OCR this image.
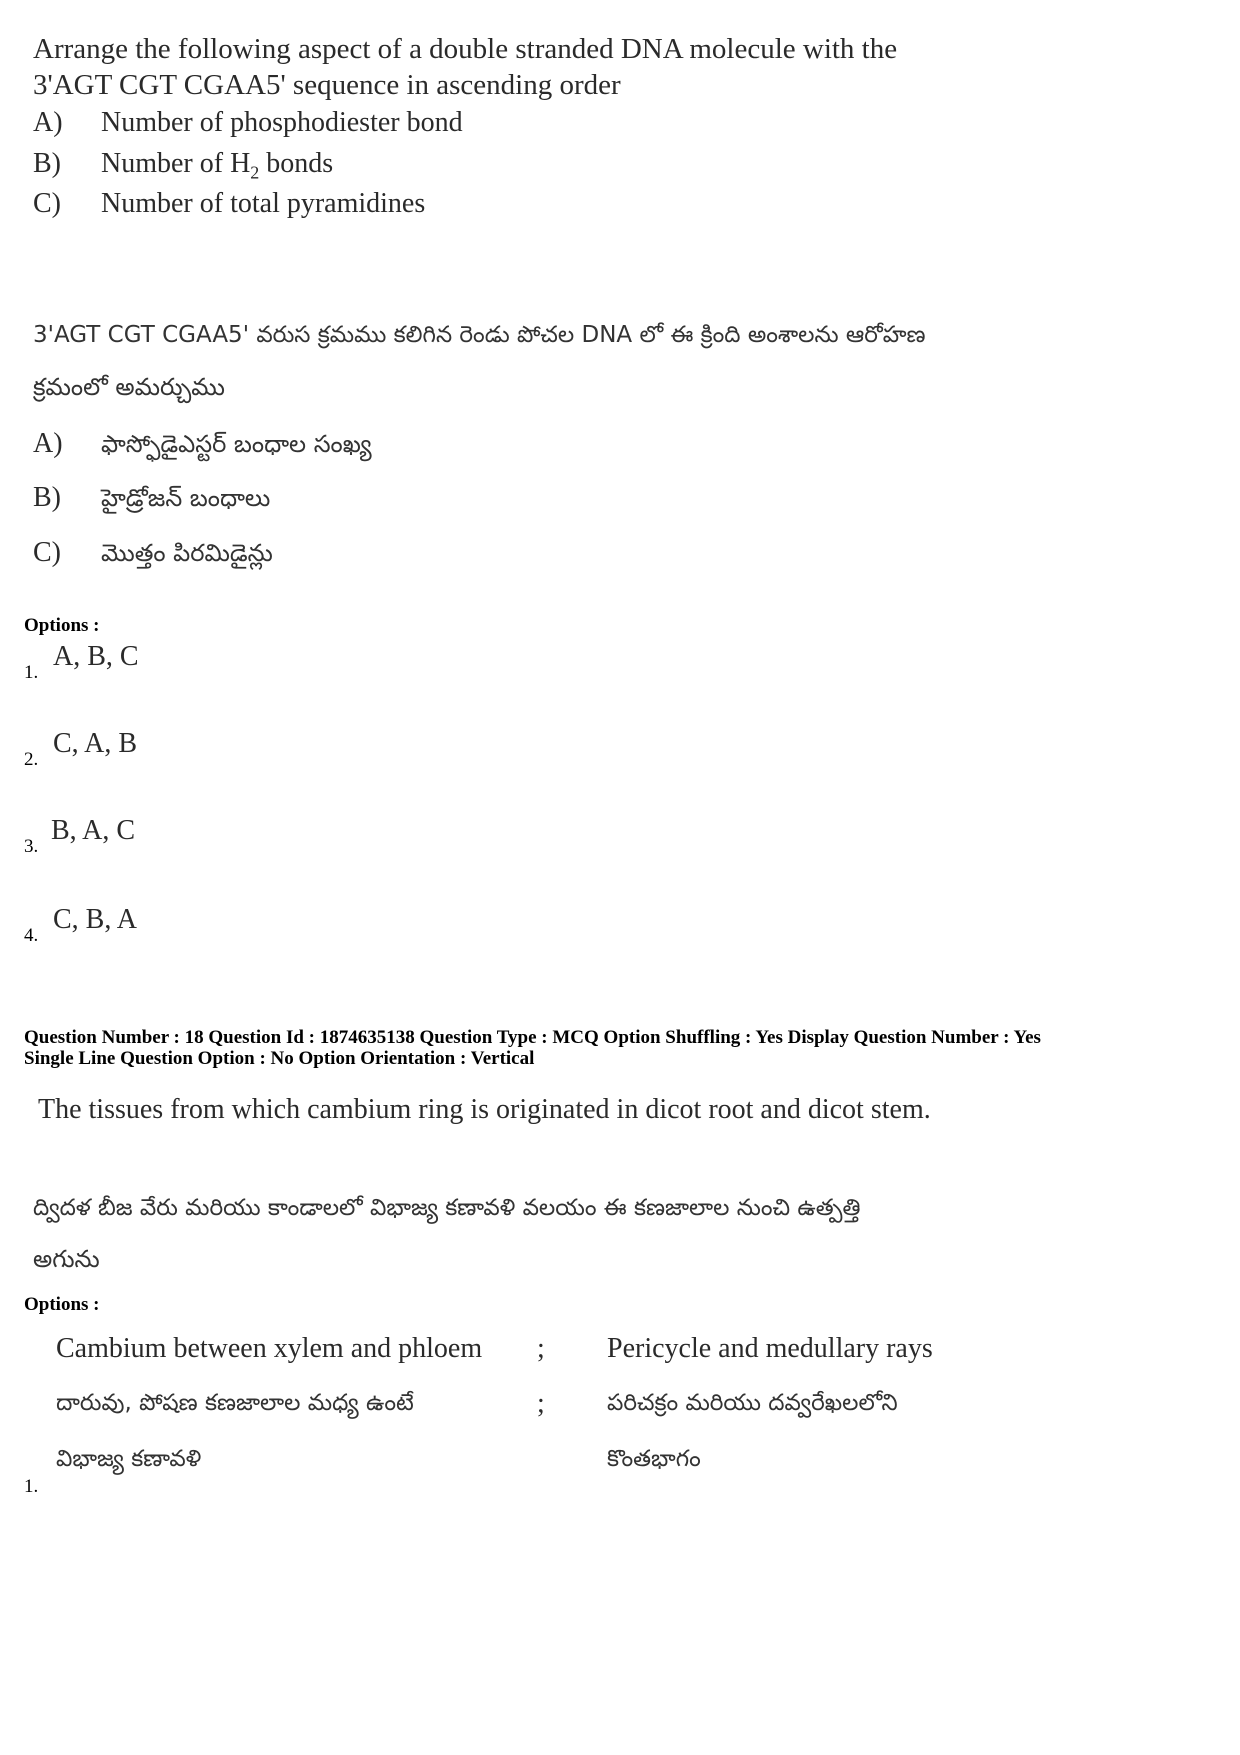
Arrange the following aspect of a double stranded DNA molecule with the
3'AGT CGT CGAA5' sequence in ascending order
A) Number of phosphodiester bond
B) Number of $H_2$ bonds
C) Number of total pyramidines
3'AGT CGT CGAA5' వరుస క్రమము కలిగిన రెండు పోచల DNA లో ఈ క్రింది అంశాలను ఆరోహణ
క్రమంలో అమర్చుము
A) ఫాస్ఫోడైఎస్టర్ బంధాల సంఖ్య
B) హైడ్రోజన్ బంధాలు
C) మొత్తం పిరమిడైన్లు
Options :
1.
A, B, C
2.
C, A, B
3.
B, A, C
4.
C, B, A
Question Number : 18 Question Id : 1874635138 Question Type : MCQ Option Shuffling : Yes Display Question Number : Yes
Single Line Question Option : No Option Orientation : Vertical
The tissues from which cambium ring is originated in dicot root and dicot stem.
ద్విదళ బీజ వేరు మరియు కాండాలలో విభాజ్య కణావళి వలయం ఈ కణజాలాల నుంచి ఉత్పత్తి
అగును
Options :
Cambium between xylem and phloem ; Pericycle and medullary rays
దారువు, పోషణ కణజాలాల మధ్య ఉంటే	;	పరిచక్రం మరియు దవ్వరేఖలలోని
విభాజ్య కణావళి	కొంతభాగం
1.
